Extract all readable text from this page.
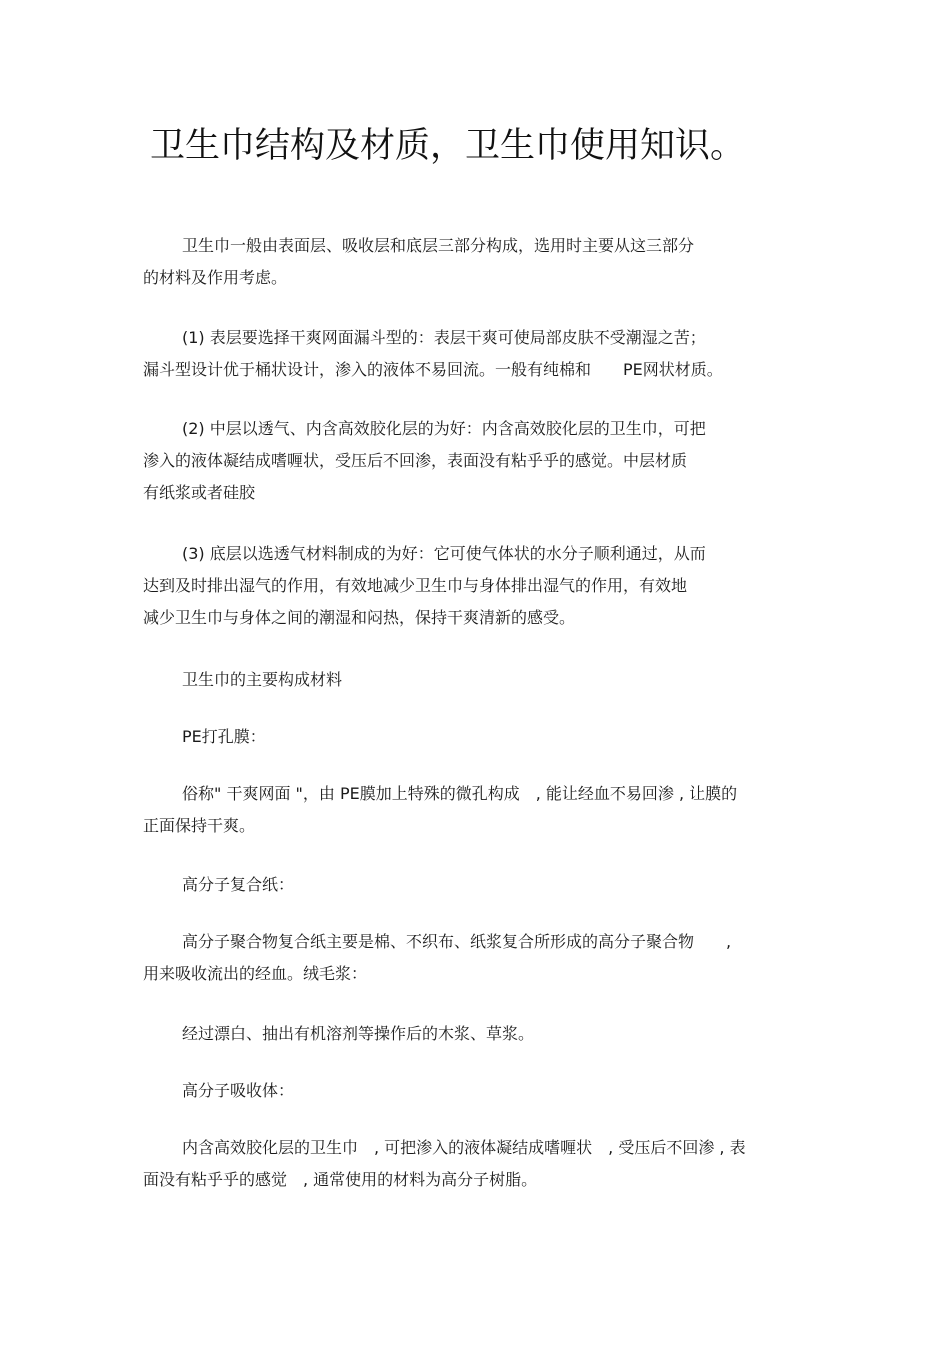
卫生巾结构及材质，卫生巾使用知识。
卫生巾一般由表面层、吸收层和底层三部分构成，选用时主要从这三部分
的材料及作用考虑。
(1) 表层要选择干爽网面漏斗型的：表层干爽可使局部皮肤不受潮湿之苦；
漏斗型设计优于桶状设计，渗入的液体不易回流。一般有纯棉和　　PE网状材质。
(2) 中层以透气、内含高效胶化层的为好：内含高效胶化层的卫生巾，可把
渗入的液体凝结成嗜喱状，受压后不回渗，表面没有粘乎乎的感觉。中层材质
有纸浆或者硅胶
(3) 底层以选透气材料制成的为好：它可使气体状的水分子顺利通过，从而
达到及时排出湿气的作用，有效地减少卫生巾与身体排出湿气的作用，有效地
减少卫生巾与身体之间的潮湿和闷热，保持干爽清新的感受。
卫生巾的主要构成材料
PE打孔膜：
俗称" 干爽网面 "，由 PE膜加上特殊的微孔构成　, 能让经血不易回渗 , 让膜的
正面保持干爽。
高分子复合纸：
高分子聚合物复合纸主要是棉、不织布、纸浆复合所形成的高分子聚合物　　,
用来吸收流出的经血。绒毛浆：
经过漂白、抽出有机溶剂等操作后的木浆、草浆。
高分子吸收体：
内含高效胶化层的卫生巾　, 可把渗入的液体凝结成嗜喱状　, 受压后不回渗 , 表
面没有粘乎乎的感觉　, 通常使用的材料为高分子树脂。
